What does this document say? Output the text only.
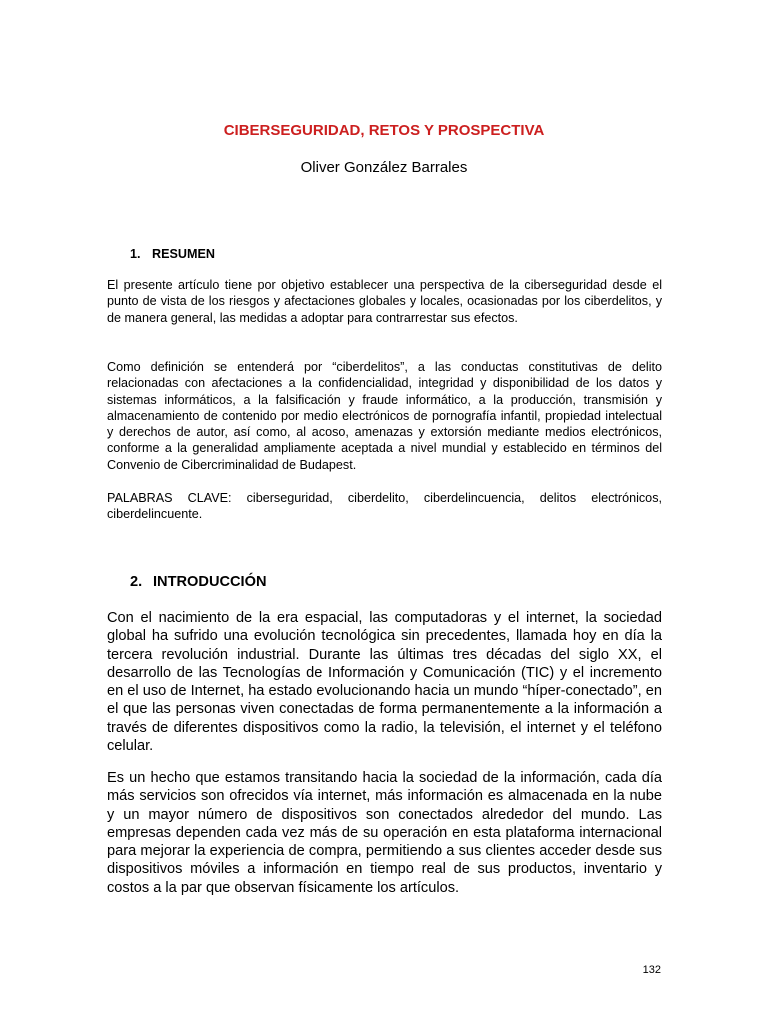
CIBERSEGURIDAD, RETOS Y PROSPECTIVA
Oliver González Barrales
1. RESUMEN

El presente artículo tiene por objetivo establecer una perspectiva de la ciberseguridad desde el punto de vista de los riesgos y afectaciones globales y locales, ocasionadas por los ciberdelitos, y de manera general, las medidas a adoptar para contrarrestar sus efectos.

Como definición se entenderá por “ciberdelitos”, a las conductas constitutivas de delito relacionadas con afectaciones a la confidencialidad, integridad y disponibilidad de los datos y sistemas informáticos, a la falsificación y fraude informático, a la producción, transmisión y almacenamiento de contenido por medio electrónicos de pornografía infantil, propiedad intelectual y derechos de autor, así como, al acoso, amenazas y extorsión mediante medios electrónicos, conforme a la generalidad ampliamente aceptada a nivel mundial y establecido en términos del Convenio de Cibercriminalidad de Budapest.

PALABRAS CLAVE: ciberseguridad, ciberdelito, ciberdelincuencia, delitos electrónicos, ciberdelincuente.

2. INTRODUCCIÓN

Con el nacimiento de la era espacial, las computadoras y el internet, la sociedad global ha sufrido una evolución tecnológica sin precedentes, llamada hoy en día la tercera revolución industrial. Durante las últimas tres décadas del siglo XX, el desarrollo de las Tecnologías de Información y Comunicación (TIC) y el incremento en el uso de Internet, ha estado evolucionando hacia un mundo “híper-conectado”, en el que las personas viven conectadas de forma permanentemente a la información a través de diferentes dispositivos como la radio, la televisión, el internet y el teléfono celular.

Es un hecho que estamos transitando hacia la sociedad de la información, cada día más servicios son ofrecidos vía internet, más información es almacenada en la nube y un mayor número de dispositivos son conectados alrededor del mundo. Las empresas dependen cada vez más de su operación en esta plataforma internacional para mejorar la experiencia de compra, permitiendo a sus clientes acceder desde sus dispositivos móviles a información en tiempo real de sus productos, inventario y costos a la par que observan físicamente los artículos.

132
